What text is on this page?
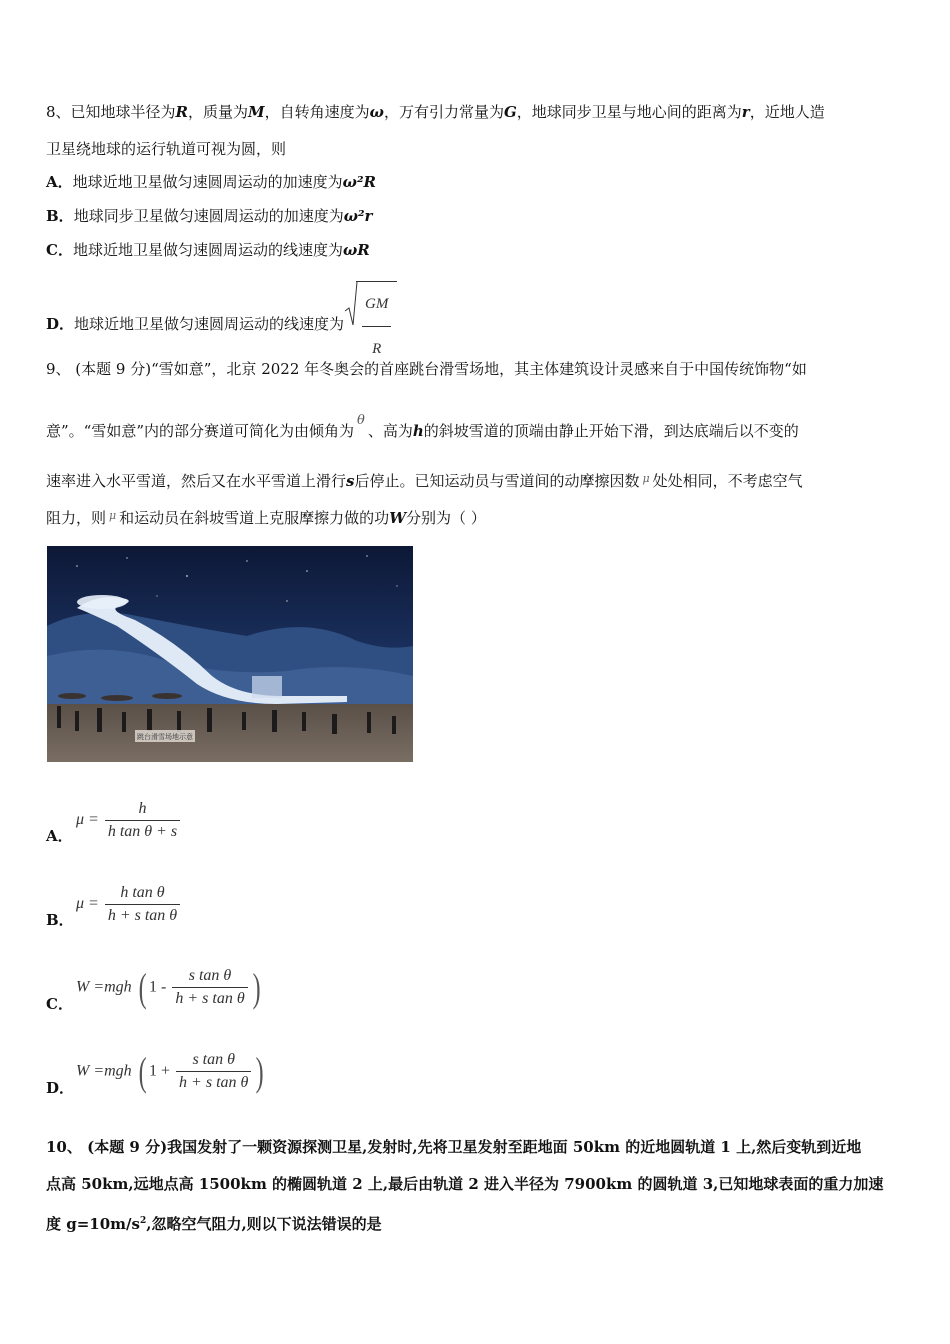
8、已知地球半径为R，质量为M，自转角速度为ω，万有引力常量为G，地球同步卫星与地心间的距离为r，近地人造
卫星绕地球的运行轨道可视为圆，则
A．地球近地卫星做匀速圆周运动的加速度为ω²R
B．地球同步卫星做匀速圆周运动的加速度为ω²r
C．地球近地卫星做匀速圆周运动的线速度为ωR
D．地球近地卫星做匀速圆周运动的线速度为 $\frac{GM}{R}$
9、 (本题 9 分)“雪如意”，北京 2022 年冬奥会的首座跳台滑雪场地，其主体建筑设计灵感来自于中国传统饰物“如
意”。“雪如意”内的部分赛道可简化为由倾角为θ、高为h的斜坡雪道的顶端由静止开始下滑，到达底端后以不变的
速率进入水平雪道，然后又在水平雪道上滑行s后停止。已知运动员与雪道间的动摩擦因数 $^\mu$ 处处相同，不考虑空气
阻力，则 $^\mu$ 和运动员在斜坡雪道上克服摩擦力做的功W分别为（ ）
跳台滑雪场地示意
A．
$\mu = \frac{h}{\text{h tan θ + s}}$
B．
$\mu = \frac{\text{h tan θ}}{\text{h + s tan θ}}$
C．
W =mgh ( $1 - \frac{\text{s tan θ}}{\text{h + s tan θ}}$ )
D．
W =mgh ( $1 + \frac{\text{s tan θ}}{\text{h + s tan θ}}$ )
10、 (本题 9 分)我国发射了一颗资源探测卫星,发射时,先将卫星发射至距地面 50km 的近地圆轨道 1 上,然后变轨到近地
点高 50km,远地点高 1500km 的椭圆轨道 2 上,最后由轨道 2 进入半径为 7900km 的圆轨道 3,已知地球表面的重力加速
度 $g=10m/s^2$,忽略空气阻力,则以下说法错误的是
